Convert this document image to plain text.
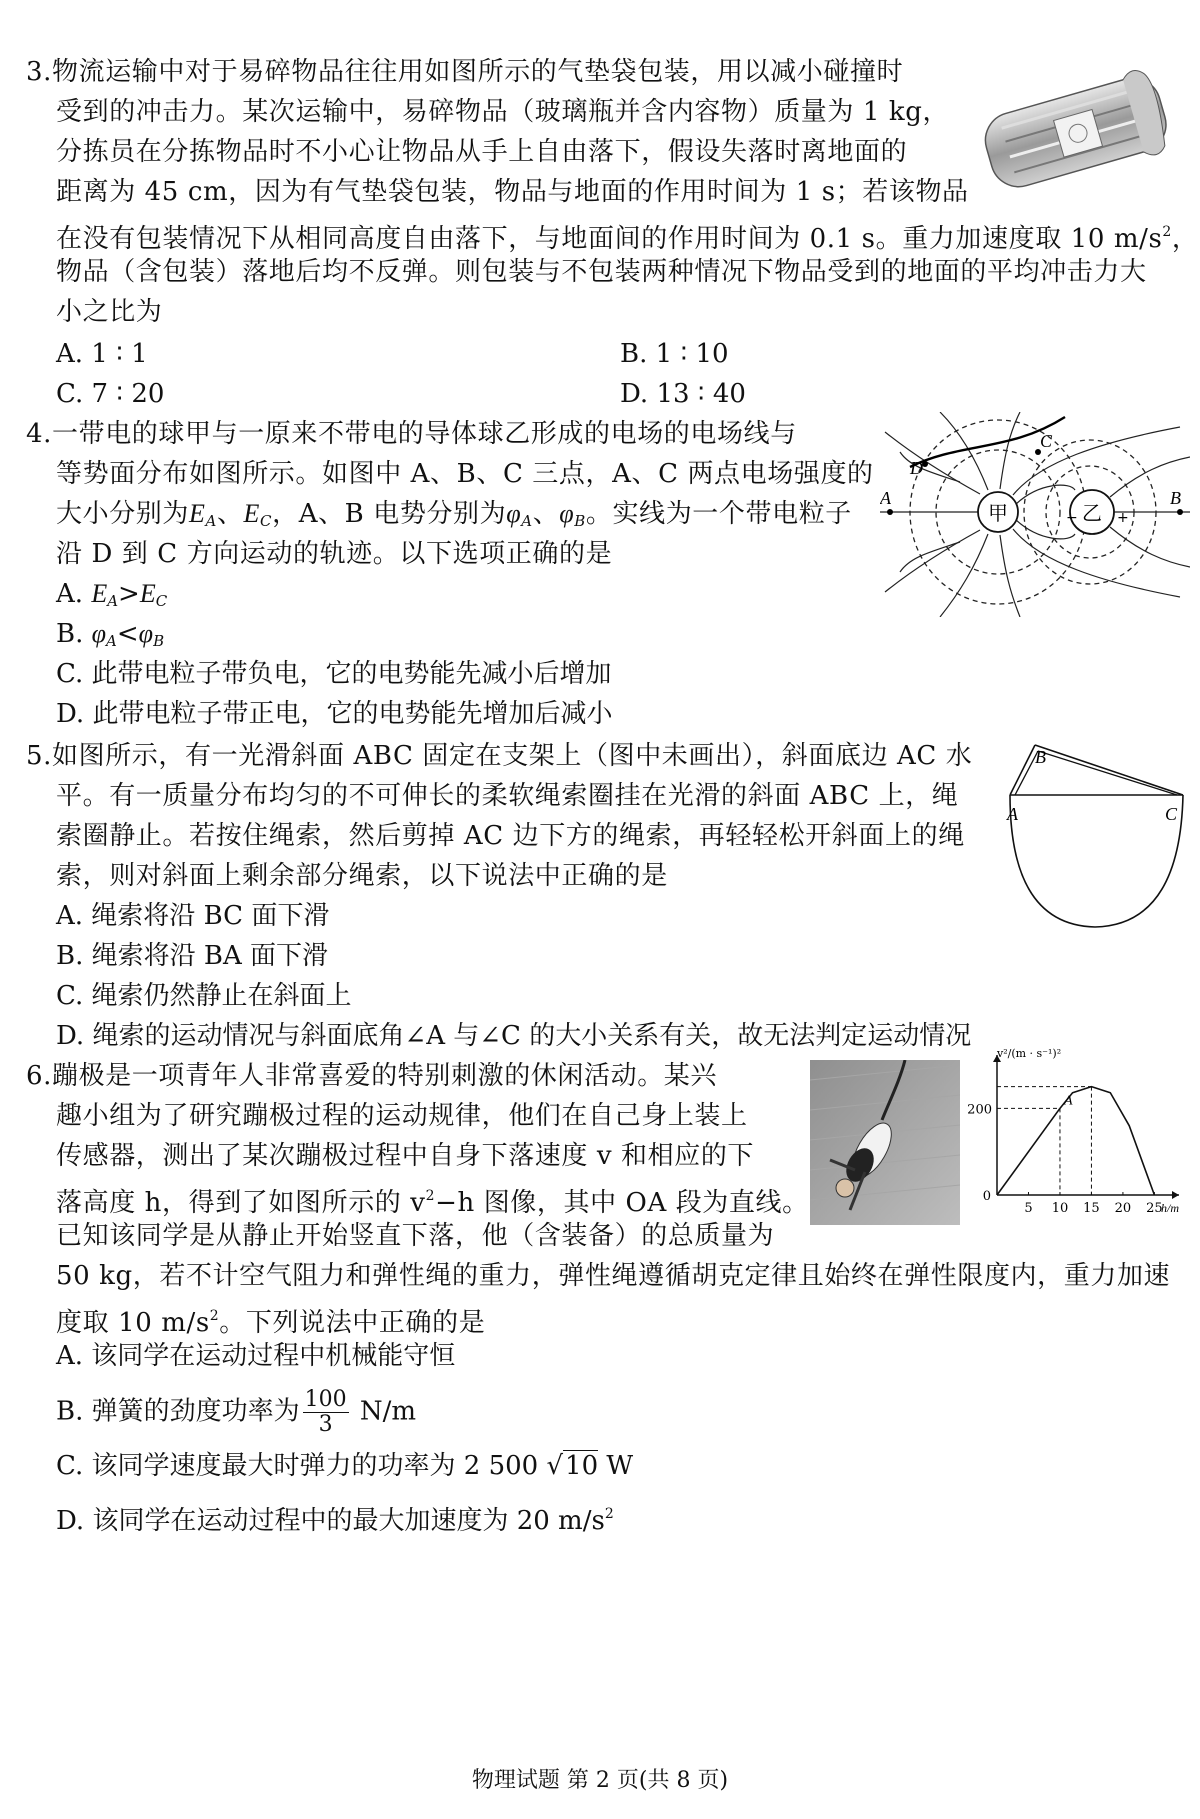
3.物流运输中对于易碎物品往往用如图所示的气垫袋包装，用以减小碰撞时
受到的冲击力。某次运输中，易碎物品（玻璃瓶并含内容物）质量为 1 kg，
分拣员在分拣物品时不小心让物品从手上自由落下，假设失落时离地面的
距离为 45 cm，因为有气垫袋包装，物品与地面的作用时间为 1 s；若该物品
在没有包装情况下从相同高度自由落下，与地面间的作用时间为 0.1 s。重力加速度取 10 $m/s^2$，
物品（含包装）落地后均不反弹。则包装与不包装两种情况下物品受到的地面的平均冲击力大
小之比为
A. 1 ∶ 1	B. 1 ∶ 10
C. 7 ∶ 20	D. 13 ∶ 40
4.一带电的球甲与一原来不带电的导体球乙形成的电场的电场线与
等势面分布如图所示。如图中 A、B、C 三点，A、C 两点电场强度的
大小分别为$E_A$、$E_C$，A、B 电势分别为$\varphi_A$、$\varphi_B$。实线为一个带电粒子
沿 D 到 C 方向运动的轨迹。以下选项正确的是
A. $E_A>E_C$
B. $\varphi_A<\varphi_B$
C. 此带电粒子带负电，它的电势能先减小后增加
D. 此带电粒子带正电，它的电势能先增加后减小
甲	乙 +
−
A	B
C
D
5.如图所示，有一光滑斜面 ABC 固定在支架上（图中未画出），斜面底边 AC 水
平。有一质量分布均匀的不可伸长的柔软绳索圈挂在光滑的斜面 ABC 上，绳
索圈静止。若按住绳索，然后剪掉 AC 边下方的绳索，再轻轻松开斜面上的绳
索，则对斜面上剩余部分绳索，以下说法中正确的是
A. 绳索将沿 BC 面下滑
B. 绳索将沿 BA 面下滑
C. 绳索仍然静止在斜面上
D. 绳索的运动情况与斜面底角∠A 与∠C 的大小关系有关，故无法判定运动情况
B
A	C
6.蹦极是一项青年人非常喜爱的特别刺激的休闲活动。某兴
趣小组为了研究蹦极过程的运动规律，他们在自己身上装上
传感器，测出了某次蹦极过程中自身下落速度 v 和相应的下
落高度 h，得到了如图所示的 $v^2-h$ 图像，其中 OA 段为直线。
已知该同学是从静止开始竖直下落，他（含装备）的总质量为
50 kg，若不计空气阻力和弹性绳的重力，弹性绳遵循胡克定律且始终在弹性限度内，重力加速
度取 10 $m/s^2$。下列说法中正确的是
A. 该同学在运动过程中机械能守恒
B. 弹簧的劲度功率为 $\frac{100}{3} N/m$
C. 该同学速度最大时弹力的功率为 2 500 √10 W
D. 该同学在运动过程中的最大加速度为 20 $m/s^2$
5 10 15 20 25
200
0
v²/(m · s⁻¹)²
h/m
A
物理试题 第 2 页(共 8 页)
